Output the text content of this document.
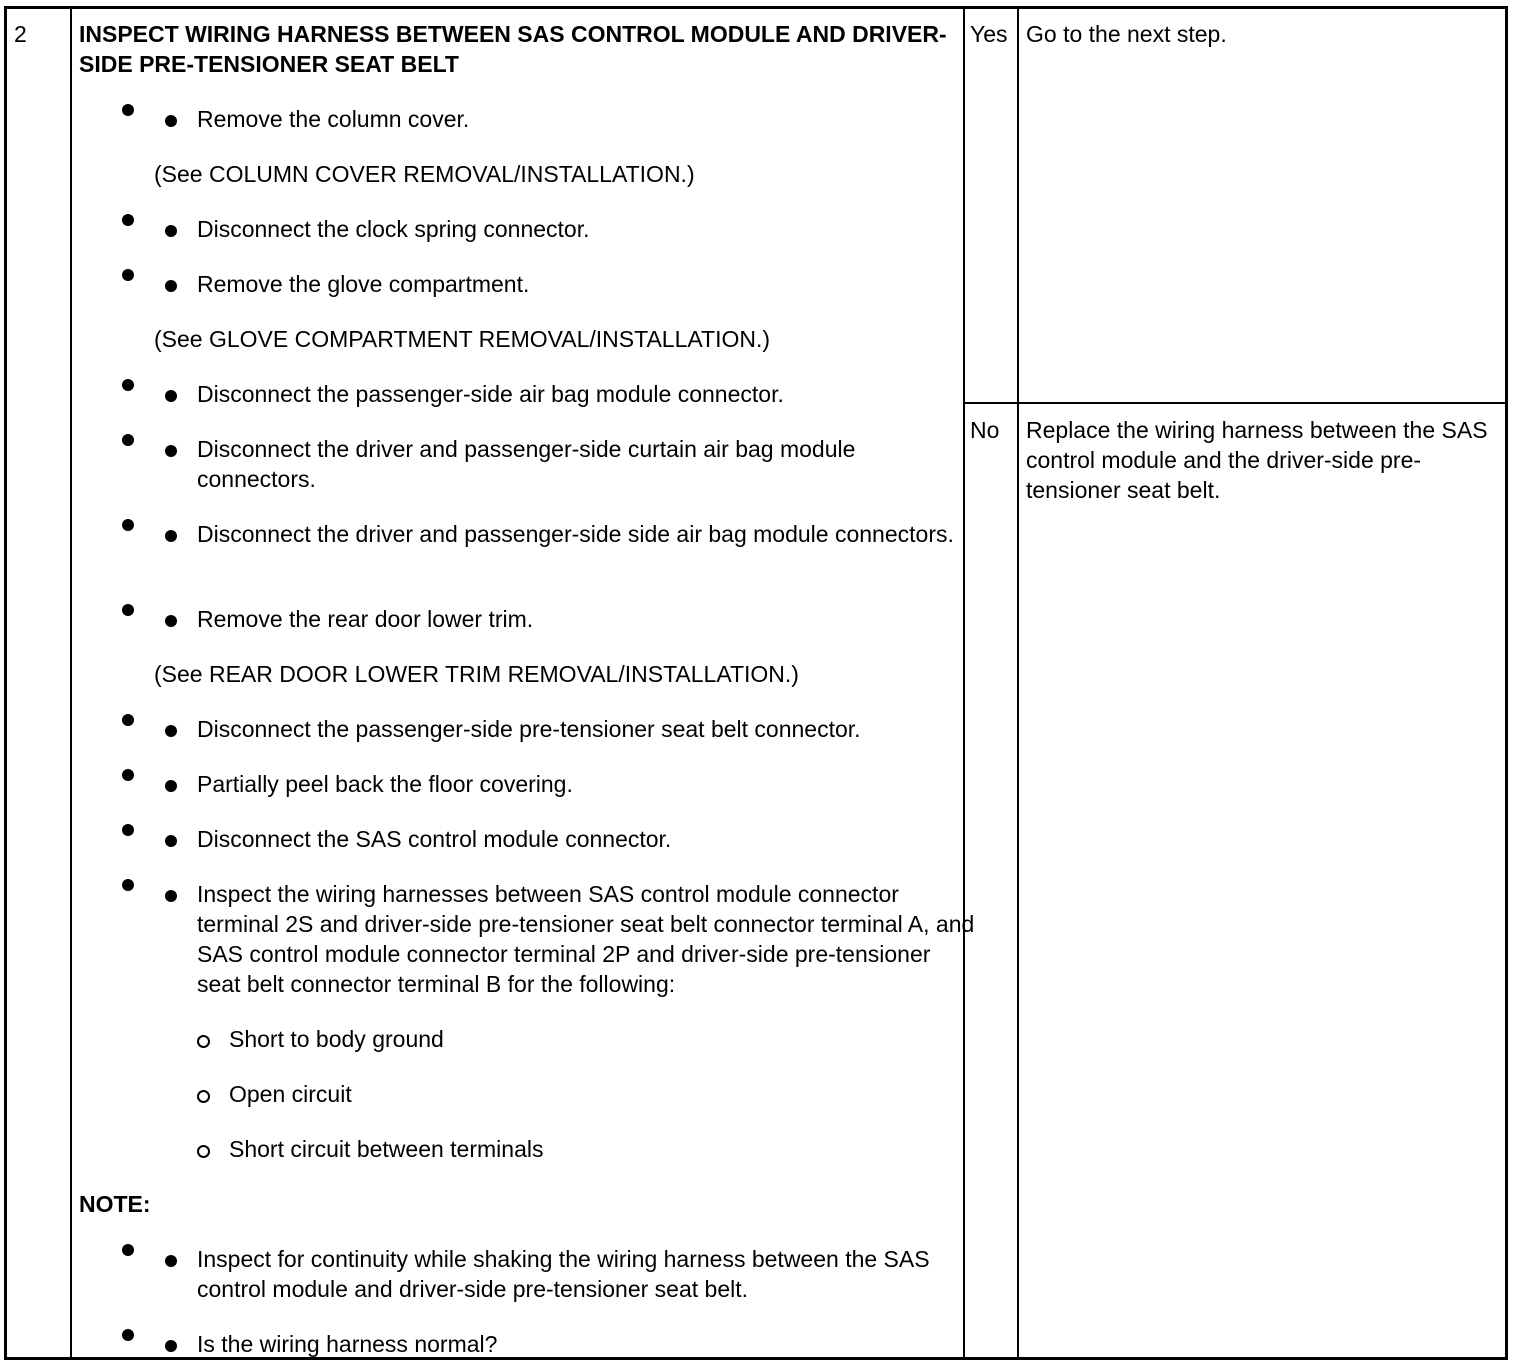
2 INSPECT WIRING HARNESS BETWEEN SAS CONTROL MODULE AND DRIVER-SIDE PRE-TENSIONER SEAT BELT
Remove the column cover.
(See COLUMN COVER REMOVAL/INSTALLATION.)
Disconnect the clock spring connector.
Remove the glove compartment.
(See GLOVE COMPARTMENT REMOVAL/INSTALLATION.)
Disconnect the passenger-side air bag module connector.
Disconnect the driver and passenger-side curtain air bag module connectors.
Disconnect the driver and passenger-side side air bag module connectors.
Remove the rear door lower trim.
(See REAR DOOR LOWER TRIM REMOVAL/INSTALLATION.)
Disconnect the passenger-side pre-tensioner seat belt connector.
Partially peel back the floor covering.
Disconnect the SAS control module connector.
Inspect the wiring harnesses between SAS control module connector terminal 2S and driver-side pre-tensioner seat belt connector terminal A, and SAS control module connector terminal 2P and driver-side pre-tensioner seat belt connector terminal B for the following:
Short to body ground
Open circuit
Short circuit between terminals
NOTE:
Inspect for continuity while shaking the wiring harness between the SAS control module and driver-side pre-tensioner seat belt.
Is the wiring harness normal?
Yes Go to the next step.
No Replace the wiring harness between the SAS control module and the driver-side pre-tensioner seat belt.
